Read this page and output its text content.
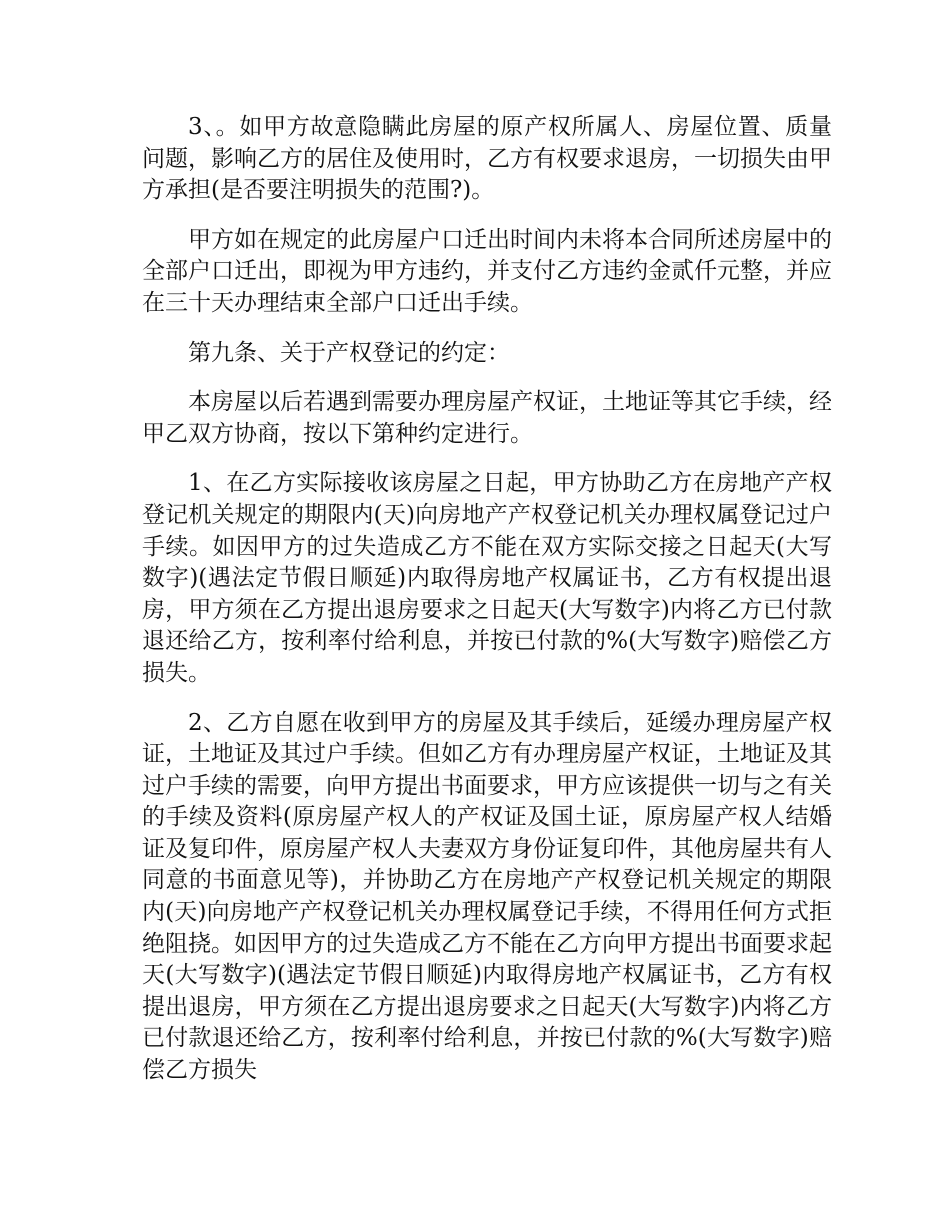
3、。如甲方故意隐瞒此房屋的原产权所属人、房屋位置、质量问题，影响乙方的居住及使用时，乙方有权要求退房，一切损失由甲方承担(是否要注明损失的范围?)。

甲方如在规定的此房屋户口迁出时间内未将本合同所述房屋中的全部户口迁出，即视为甲方违约，并支付乙方违约金贰仟元整，并应在三十天办理结束全部户口迁出手续。

第九条、关于产权登记的约定：

本房屋以后若遇到需要办理房屋产权证，土地证等其它手续，经甲乙双方协商，按以下第种约定进行。

1、在乙方实际接收该房屋之日起，甲方协助乙方在房地产产权登记机关规定的期限内(天)向房地产产权登记机关办理权属登记过户手续。如因甲方的过失造成乙方不能在双方实际交接之日起天(大写数字)(遇法定节假日顺延)内取得房地产权属证书，乙方有权提出退房，甲方须在乙方提出退房要求之日起天(大写数字)内将乙方已付款退还给乙方，按利率付给利息，并按已付款的%(大写数字)赔偿乙方损失。

2、乙方自愿在收到甲方的房屋及其手续后，延缓办理房屋产权证，土地证及其过户手续。但如乙方有办理房屋产权证，土地证及其过户手续的需要，向甲方提出书面要求，甲方应该提供一切与之有关的手续及资料(原房屋产权人的产权证及国土证，原房屋产权人结婚证及复印件，原房屋产权人夫妻双方身份证复印件，其他房屋共有人同意的书面意见等)，并协助乙方在房地产产权登记机关规定的期限内(天)向房地产产权登记机关办理权属登记手续，不得用任何方式拒绝阻挠。如因甲方的过失造成乙方不能在乙方向甲方提出书面要求起天(大写数字)(遇法定节假日顺延)内取得房地产权属证书，乙方有权提出退房，甲方须在乙方提出退房要求之日起天(大写数字)内将乙方已付款退还给乙方，按利率付给利息，并按已付款的%(大写数字)赔偿乙方损失
